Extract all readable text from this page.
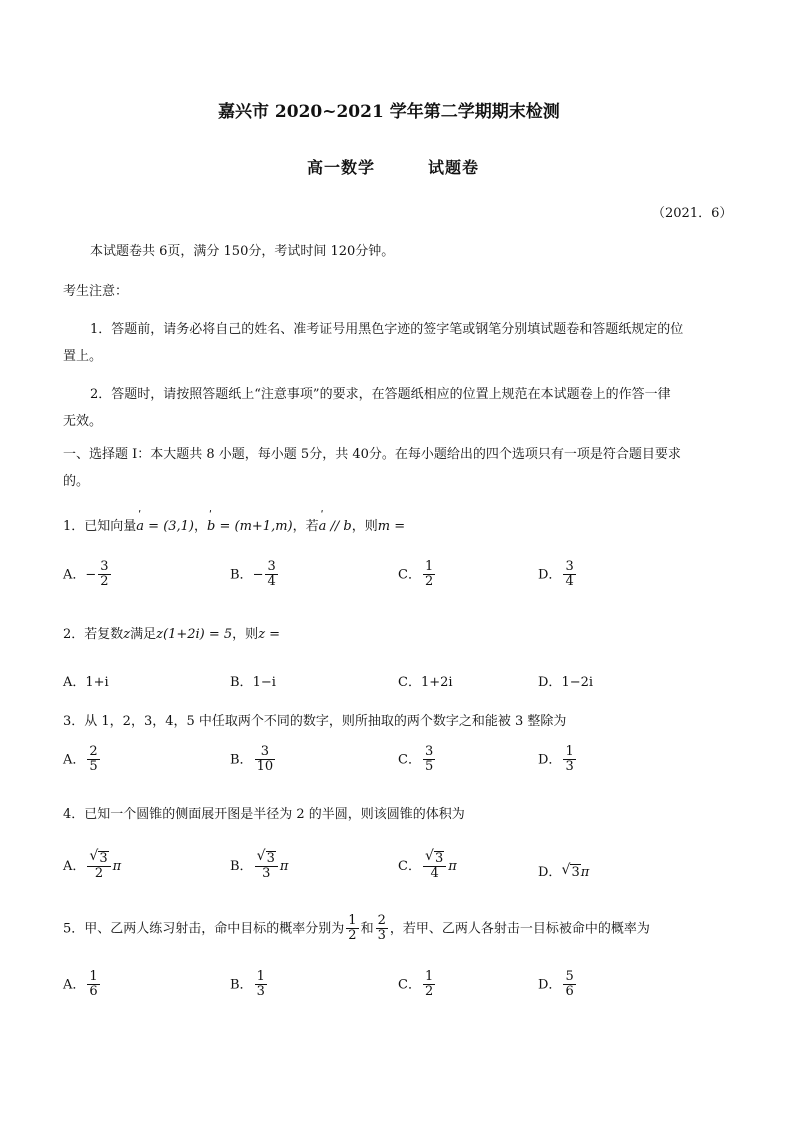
嘉兴市 2020~2021 学年第二学期期末检测
高一数学	试题卷
（2021．6）
本试题卷共 6页，满分 150分，考试时间 120分钟。
考生注意：
1．答题前，请务必将自己的姓名、准考证号用黑色字迹的签字笔或钢笔分别填试题卷和答题纸规定的位
置上。
2．答题时，请按照答题纸上“注意事项”的要求，在答题纸相应的位置上规范在本试题卷上的作答一律
无效。
一、选择题 I：本大题共 8 小题，每小题 5分，共 40分。在每小题给出的四个选项只有一项是符合题目要求
的。
1．已知向量ˈ a = (3,1)，ˈ b = (m+1,m)，若ˈ a // b，则m =
A．− $\frac{3}{2}$	B．− $\frac{3}{4}$	C． $\frac{1}{2}$	D． $\frac{3}{4}$
2．若复数z满足z(1+2i) = 5，则z =
A．1+i	B．1−i	C．1+2i	D．1−2i
3．从 1，2，3，4，5 中任取两个不同的数字，则所抽取的两个数字之和能被 3 整除为
A． $\frac{2}{5}$	B． $\frac{3}{10}$	C． $\frac{3}{5}$	D． $\frac{1}{3}$
4．已知一个圆锥的侧面展开图是半径为 2 的半圆，则该圆锥的体积为
A． √ $\frac{3}{2}$ π	B． √ $\frac{3}{3}$ π	C． √ $\frac{3}{4}$ π	D． √ 3π
5．甲、乙两人练习射击，命中目标的概率分别为 $\frac{1}{2}$ 和 $\frac{2}{3}$ ，若甲、乙两人各射击一目标被命中的概率为
A． $\frac{1}{6}$	B． $\frac{1}{3}$	C． $\frac{1}{2}$	D． $\frac{5}{6}$
